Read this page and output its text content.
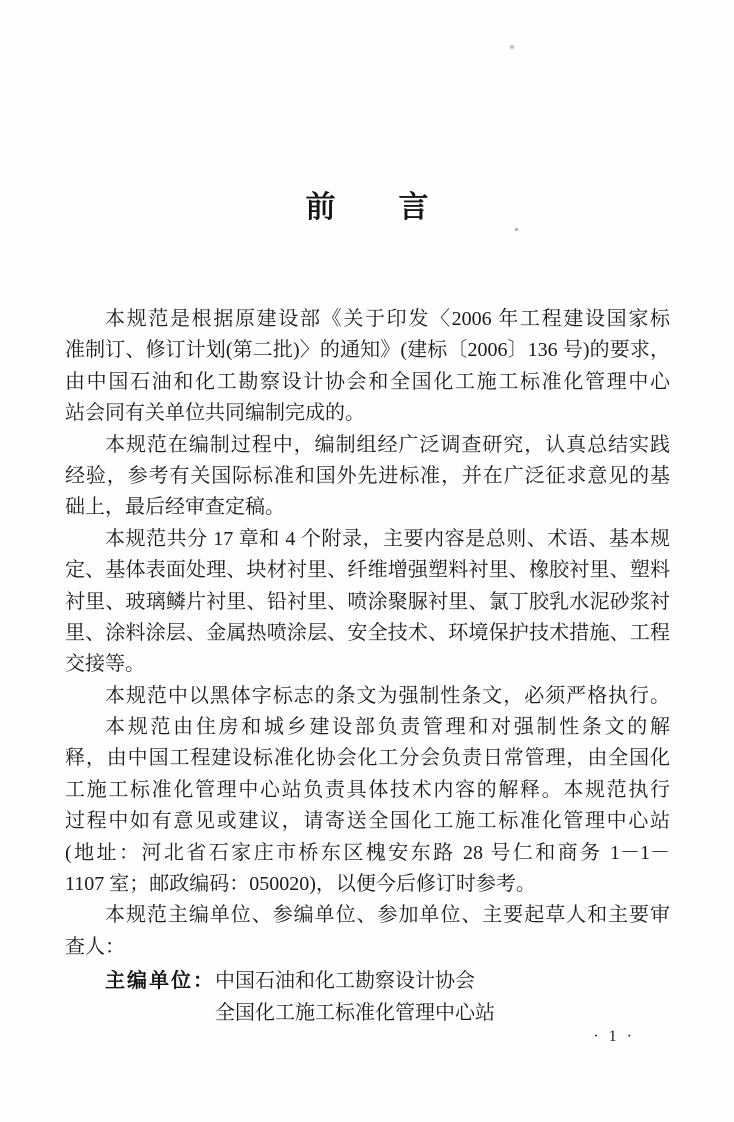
前　　言
本规范是根据原建设部《关于印发〈2006 年工程建设国家标
准制订、修订计划(第二批)〉的通知》(建标〔2006〕136 号)的要求，
由中国石油和化工勘察设计协会和全国化工施工标准化管理中心
站会同有关单位共同编制完成的。
本规范在编制过程中，编制组经广泛调查研究，认真总结实践
经验，参考有关国际标准和国外先进标准，并在广泛征求意见的基
础上，最后经审查定稿。
本规范共分 17 章和 4 个附录，主要内容是总则、术语、基本规
定、基体表面处理、块材衬里、纤维增强塑料衬里、橡胶衬里、塑料
衬里、玻璃鳞片衬里、铅衬里、喷涂聚脲衬里、氯丁胶乳水泥砂浆衬
里、涂料涂层、金属热喷涂层、安全技术、环境保护技术措施、工程
交接等。
本规范中以黑体字标志的条文为强制性条文，必须严格执行。
本规范由住房和城乡建设部负责管理和对强制性条文的解
释，由中国工程建设标准化协会化工分会负责日常管理，由全国化
工施工标准化管理中心站负责具体技术内容的解释。本规范执行
过程中如有意见或建议，请寄送全国化工施工标准化管理中心站
(地址：河北省石家庄市桥东区槐安东路 28 号仁和商务 1－1－
1107 室；邮政编码：050020)，以便今后修订时参考。
本规范主编单位、参编单位、参加单位、主要起草人和主要审
查人：
主编单位：中国石油和化工勘察设计协会
全国化工施工标准化管理中心站
· 1 ·
